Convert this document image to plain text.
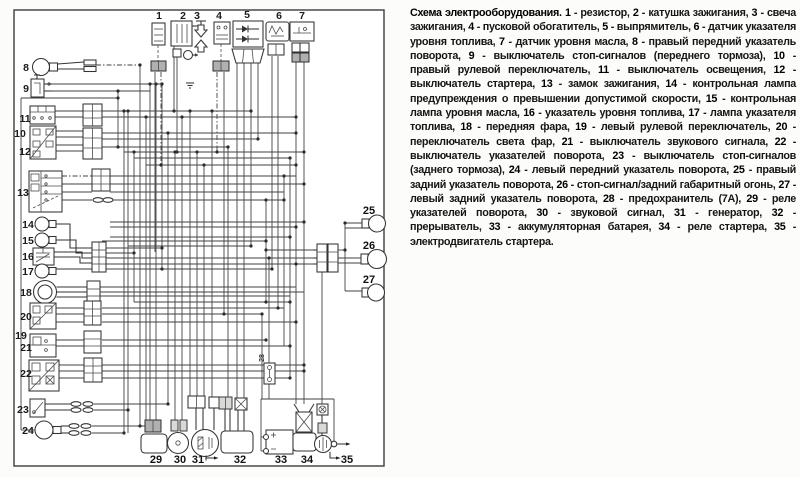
1 2 3 4 5 6 7
8
9
10
11
12
13
14
15
16
17
18
19
20
21
22
23
24
25
26
27
28
29 30 31	32	33 34	35

Схема электрооборудования. 1 - резистор, 2 - катушка зажигания, 3 - свеча зажигания, 4 - пусковой обогатитель, 5 - выпрямитель, 6 - датчик указателя уровня топлива, 7 - датчик уровня масла, 8 - правый передний указатель поворота, 9 - выключатель стоп-сигналов (переднего тормоза), 10 - правый рулевой переключатель, 11 - выключатель освещения, 12 - выключатель стартера, 13 - замок зажигания, 14 - контрольная лампа предупреждения о превышении допустимой скорости, 15 - контрольная лампа уровня масла, 16 - указатель уровня топлива, 17 - лампа указателя топлива, 18 - передняя фара, 19 - левый рулевой переключатель, 20 - переключатель света фар, 21 - выключатель звукового сигнала, 22 - выключатель указателей поворота, 23 - выключатель стоп-сигналов (заднего тормоза), 24 - левый передний указатель поворота, 25 - правый задний указатель поворота, 26 - стоп-сигнал/задний габаритный огонь, 27 - левый задний указатель поворота, 28 - предохранитель (7А), 29 - реле указателей поворота, 30 - звуковой сигнал, 31 - генератор, 32 - прерыватель, 33 - аккумуляторная батарея, 34 - реле стартера, 35 - электродвигатель стартера.
